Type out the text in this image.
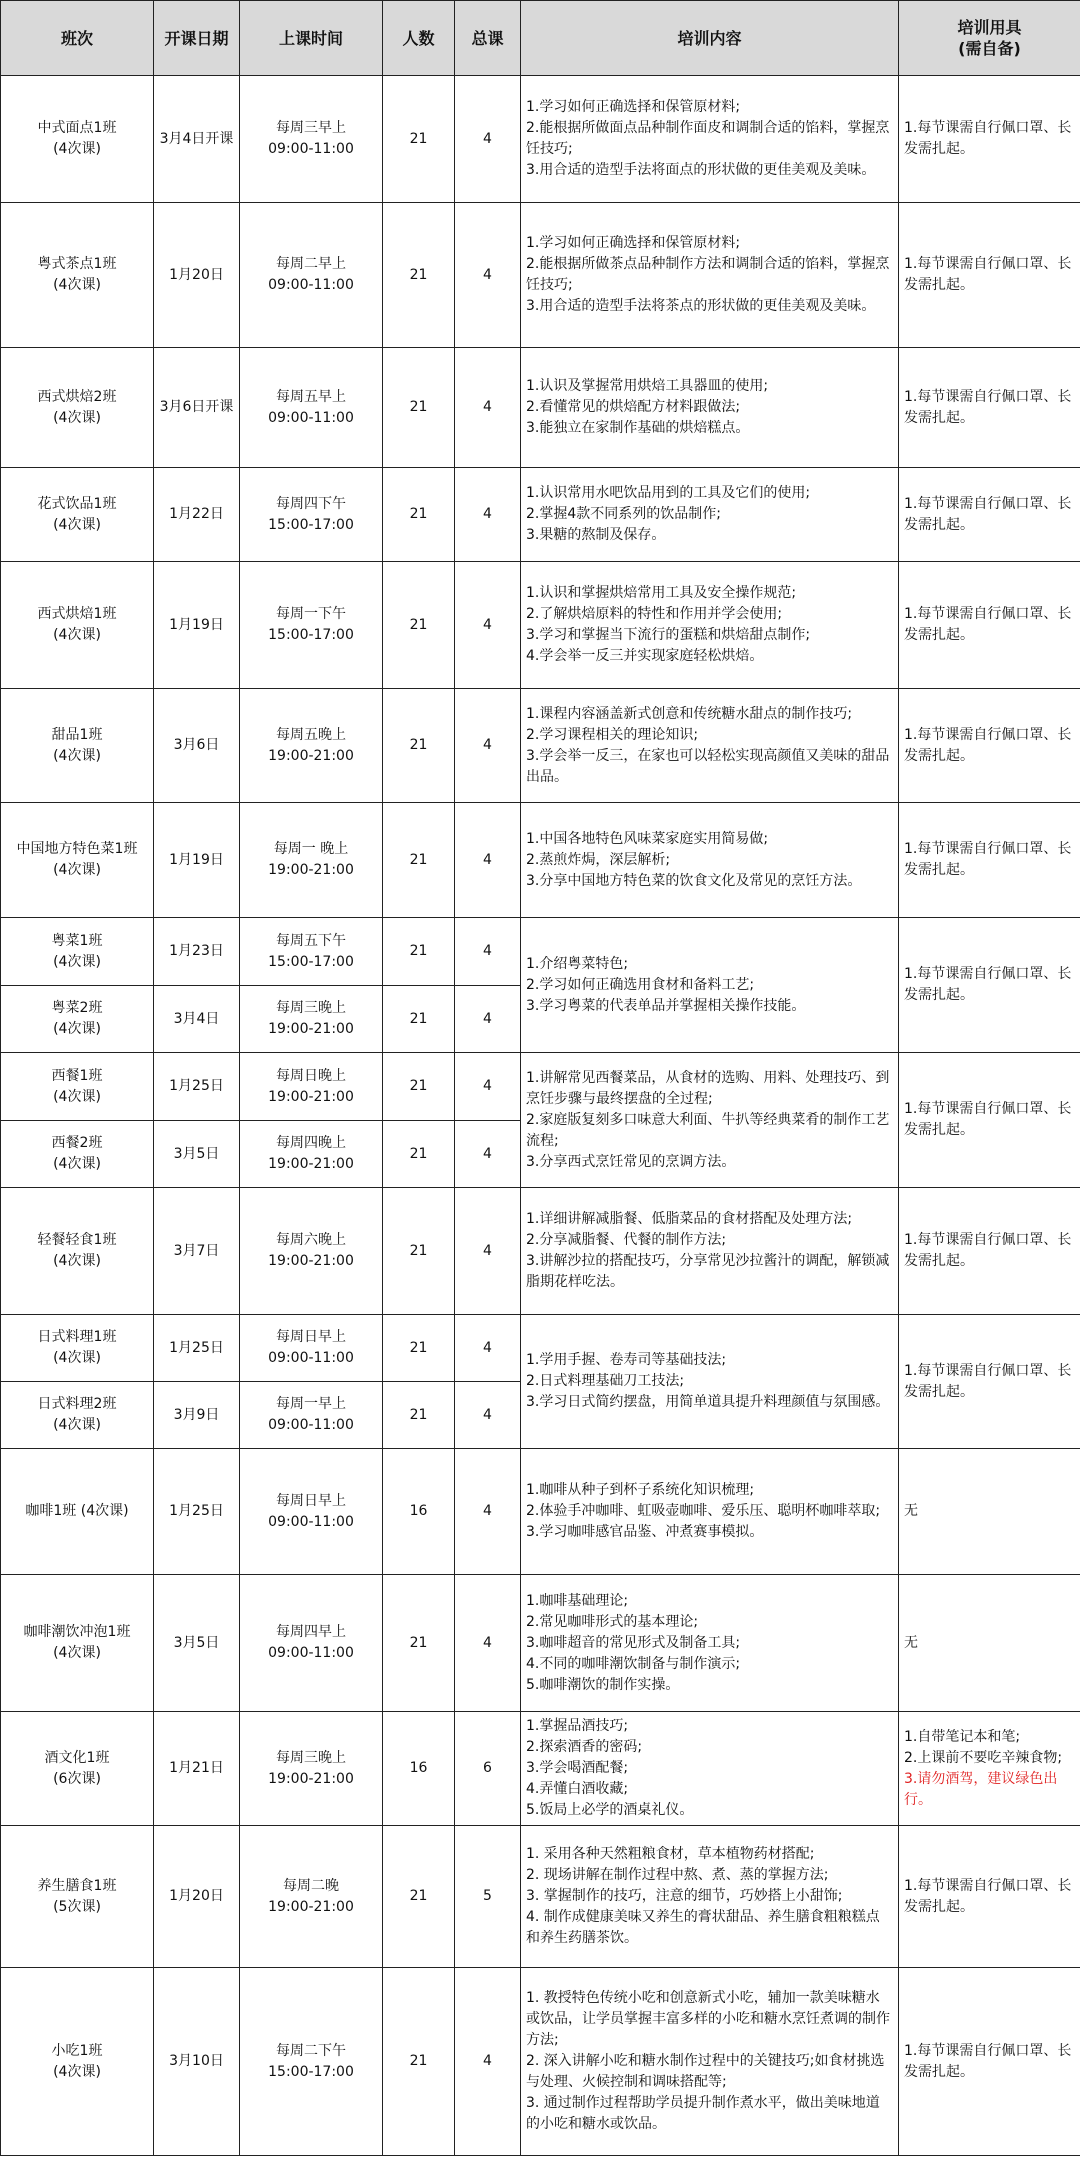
班次	开课日期	上课时间	人数	总课	培训内容	培训用具
(需自备)

中式面点1班
(4次课)	3月4日开课	每周三早上
09:00-11:00	21	4	1.学习如何正确选择和保管原材料;
2.能根据所做面点品种制作面皮和调制合适的馅料，掌握烹饪技巧;
3.用合适的造型手法将面点的形状做的更佳美观及美味。	1.每节课需自行佩口罩、长发需扎起。

粤式茶点1班
(4次课)	1月20日	每周二早上
09:00-11:00	21	4	1.学习如何正确选择和保管原材料;
2.能根据所做茶点品种制作方法和调制合适的馅料，掌握烹饪技巧;
3.用合适的造型手法将茶点的形状做的更佳美观及美味。	1.每节课需自行佩口罩、长发需扎起。

西式烘焙2班
(4次课)	3月6日开课	每周五早上
09:00-11:00	21	4	1.认识及掌握常用烘焙工具器皿的使用;
2.看懂常见的烘焙配方材料跟做法;
3.能独立在家制作基础的烘焙糕点。	1.每节课需自行佩口罩、长发需扎起。

花式饮品1班
(4次课)	1月22日	每周四下午
15:00-17:00	21	4	1.认识常用水吧饮品用到的工具及它们的使用;
2.掌握4款不同系列的饮品制作;
3.果糖的熬制及保存。	1.每节课需自行佩口罩、长发需扎起。

西式烘焙1班
(4次课)	1月19日	每周一下午
15:00-17:00	21	4	1.认识和掌握烘焙常用工具及安全操作规范;
2.了解烘焙原料的特性和作用并学会使用;
3.学习和掌握当下流行的蛋糕和烘焙甜点制作;
4.学会举一反三并实现家庭轻松烘焙。	1.每节课需自行佩口罩、长发需扎起。

甜品1班
(4次课)	3月6日	每周五晚上
19:00-21:00	21	4	1.课程内容涵盖新式创意和传统糖水甜点的制作技巧;
2.学习课程相关的理论知识;
3.学会举一反三，在家也可以轻松实现高颜值又美味的甜品出品。	1.每节课需自行佩口罩、长发需扎起。

中国地方特色菜1班
(4次课)	1月19日	每周一 晚上
19:00-21:00	21	4	1.中国各地特色风味菜家庭实用简易做;
2.蒸煎炸焗，深层解析;
3.分享中国地方特色菜的饮食文化及常见的烹饪方法。	1.每节课需自行佩口罩、长发需扎起。

粤菜1班
(4次课)	1月23日	每周五下午
15:00-17:00	21	4	1.介绍粤菜特色;
2.学习如何正确选用食材和备料工艺;
3.学习粤菜的代表单品并掌握相关操作技能。	1.每节课需自行佩口罩、长发需扎起。

粤菜2班
(4次课)	3月4日	每周三晚上
19:00-21:00	21	4		

西餐1班
(4次课)	1月25日	每周日晚上
19:00-21:00	21	4	1.讲解常见西餐菜品，从食材的选购、用料、处理技巧、到烹饪步骤与最终摆盘的全过程;
2.家庭版复刻多口味意大利面、牛扒等经典菜肴的制作工艺流程;
3.分享西式烹饪常见的烹调方法。	1.每节课需自行佩口罩、长发需扎起。

西餐2班
(4次课)	3月5日	每周四晚上
19:00-21:00	21	4		

轻餐轻食1班
(4次课)	3月7日	每周六晚上
19:00-21:00	21	4	1.详细讲解减脂餐、低脂菜品的食材搭配及处理方法;
2.分享减脂餐、代餐的制作方法;
3.讲解沙拉的搭配技巧，分享常见沙拉酱汁的调配，解锁减脂期花样吃法。	1.每节课需自行佩口罩、长发需扎起。

日式料理1班
(4次课)	1月25日	每周日早上
09:00-11:00	21	4	1.学用手握、卷寿司等基础技法;
2.日式料理基础刀工技法;
3.学习日式简约摆盘，用简单道具提升料理颜值与氛围感。	1.每节课需自行佩口罩、长发需扎起。

日式料理2班
(4次课)	3月9日	每周一早上
09:00-11:00	21	4		
咖啡1班 (4次课)	1月25日	每周日早上
09:00-11:00	16	4	1.咖啡从种子到杯子系统化知识梳理;
2.体验手冲咖啡、虹吸壶咖啡、爱乐压、聪明杯咖啡萃取;
3.学习咖啡感官品鉴、冲煮赛事模拟。	无

咖啡潮饮冲泡1班
(4次课)	3月5日	每周四早上
09:00-11:00	21	4	1.咖啡基础理论;
2.常见咖啡形式的基本理论;
3.咖啡超音的常见形式及制备工具;
4.不同的咖啡潮饮制备与制作演示;
5.咖啡潮饮的制作实操。	无

酒文化1班
(6次课)	1月21日	每周三晚上
19:00-21:00	16	6	1.掌握品酒技巧;
2.探索酒香的密码;
3.学会喝酒配餐;
4.弄懂白酒收藏;
5.饭局上必学的酒桌礼仪。	1.自带笔记本和笔;
2.上课前不要吃辛辣食物;
3.请勿酒驾，建议绿色出行。

养生膳食1班
(5次课)	1月20日	每周二晚
19:00-21:00	21	5	1. 采用各种天然粗粮食材，草本植物药材搭配;
2. 现场讲解在制作过程中熬、煮、蒸的掌握方法;
3. 掌握制作的技巧，注意的细节，巧妙搭上小甜饰;
4. 制作成健康美味又养生的膏状甜品、养生膳食粗粮糕点和养生药膳茶饮。	1.每节课需自行佩口罩、长发需扎起。

小吃1班
(4次课)	3月10日	每周二下午
15:00-17:00	21	4	1. 教授特色传统小吃和创意新式小吃，辅加一款美味糖水或饮品，让学员掌握丰富多样的小吃和糖水烹饪煮调的制作方法;
2. 深入讲解小吃和糖水制作过程中的关键技巧;如食材挑选与处理、火候控制和调味搭配等;
3. 通过制作过程帮助学员提升制作煮水平，做出美味地道的小吃和糖水或饮品。	1.每节课需自行佩口罩、长发需扎起。
